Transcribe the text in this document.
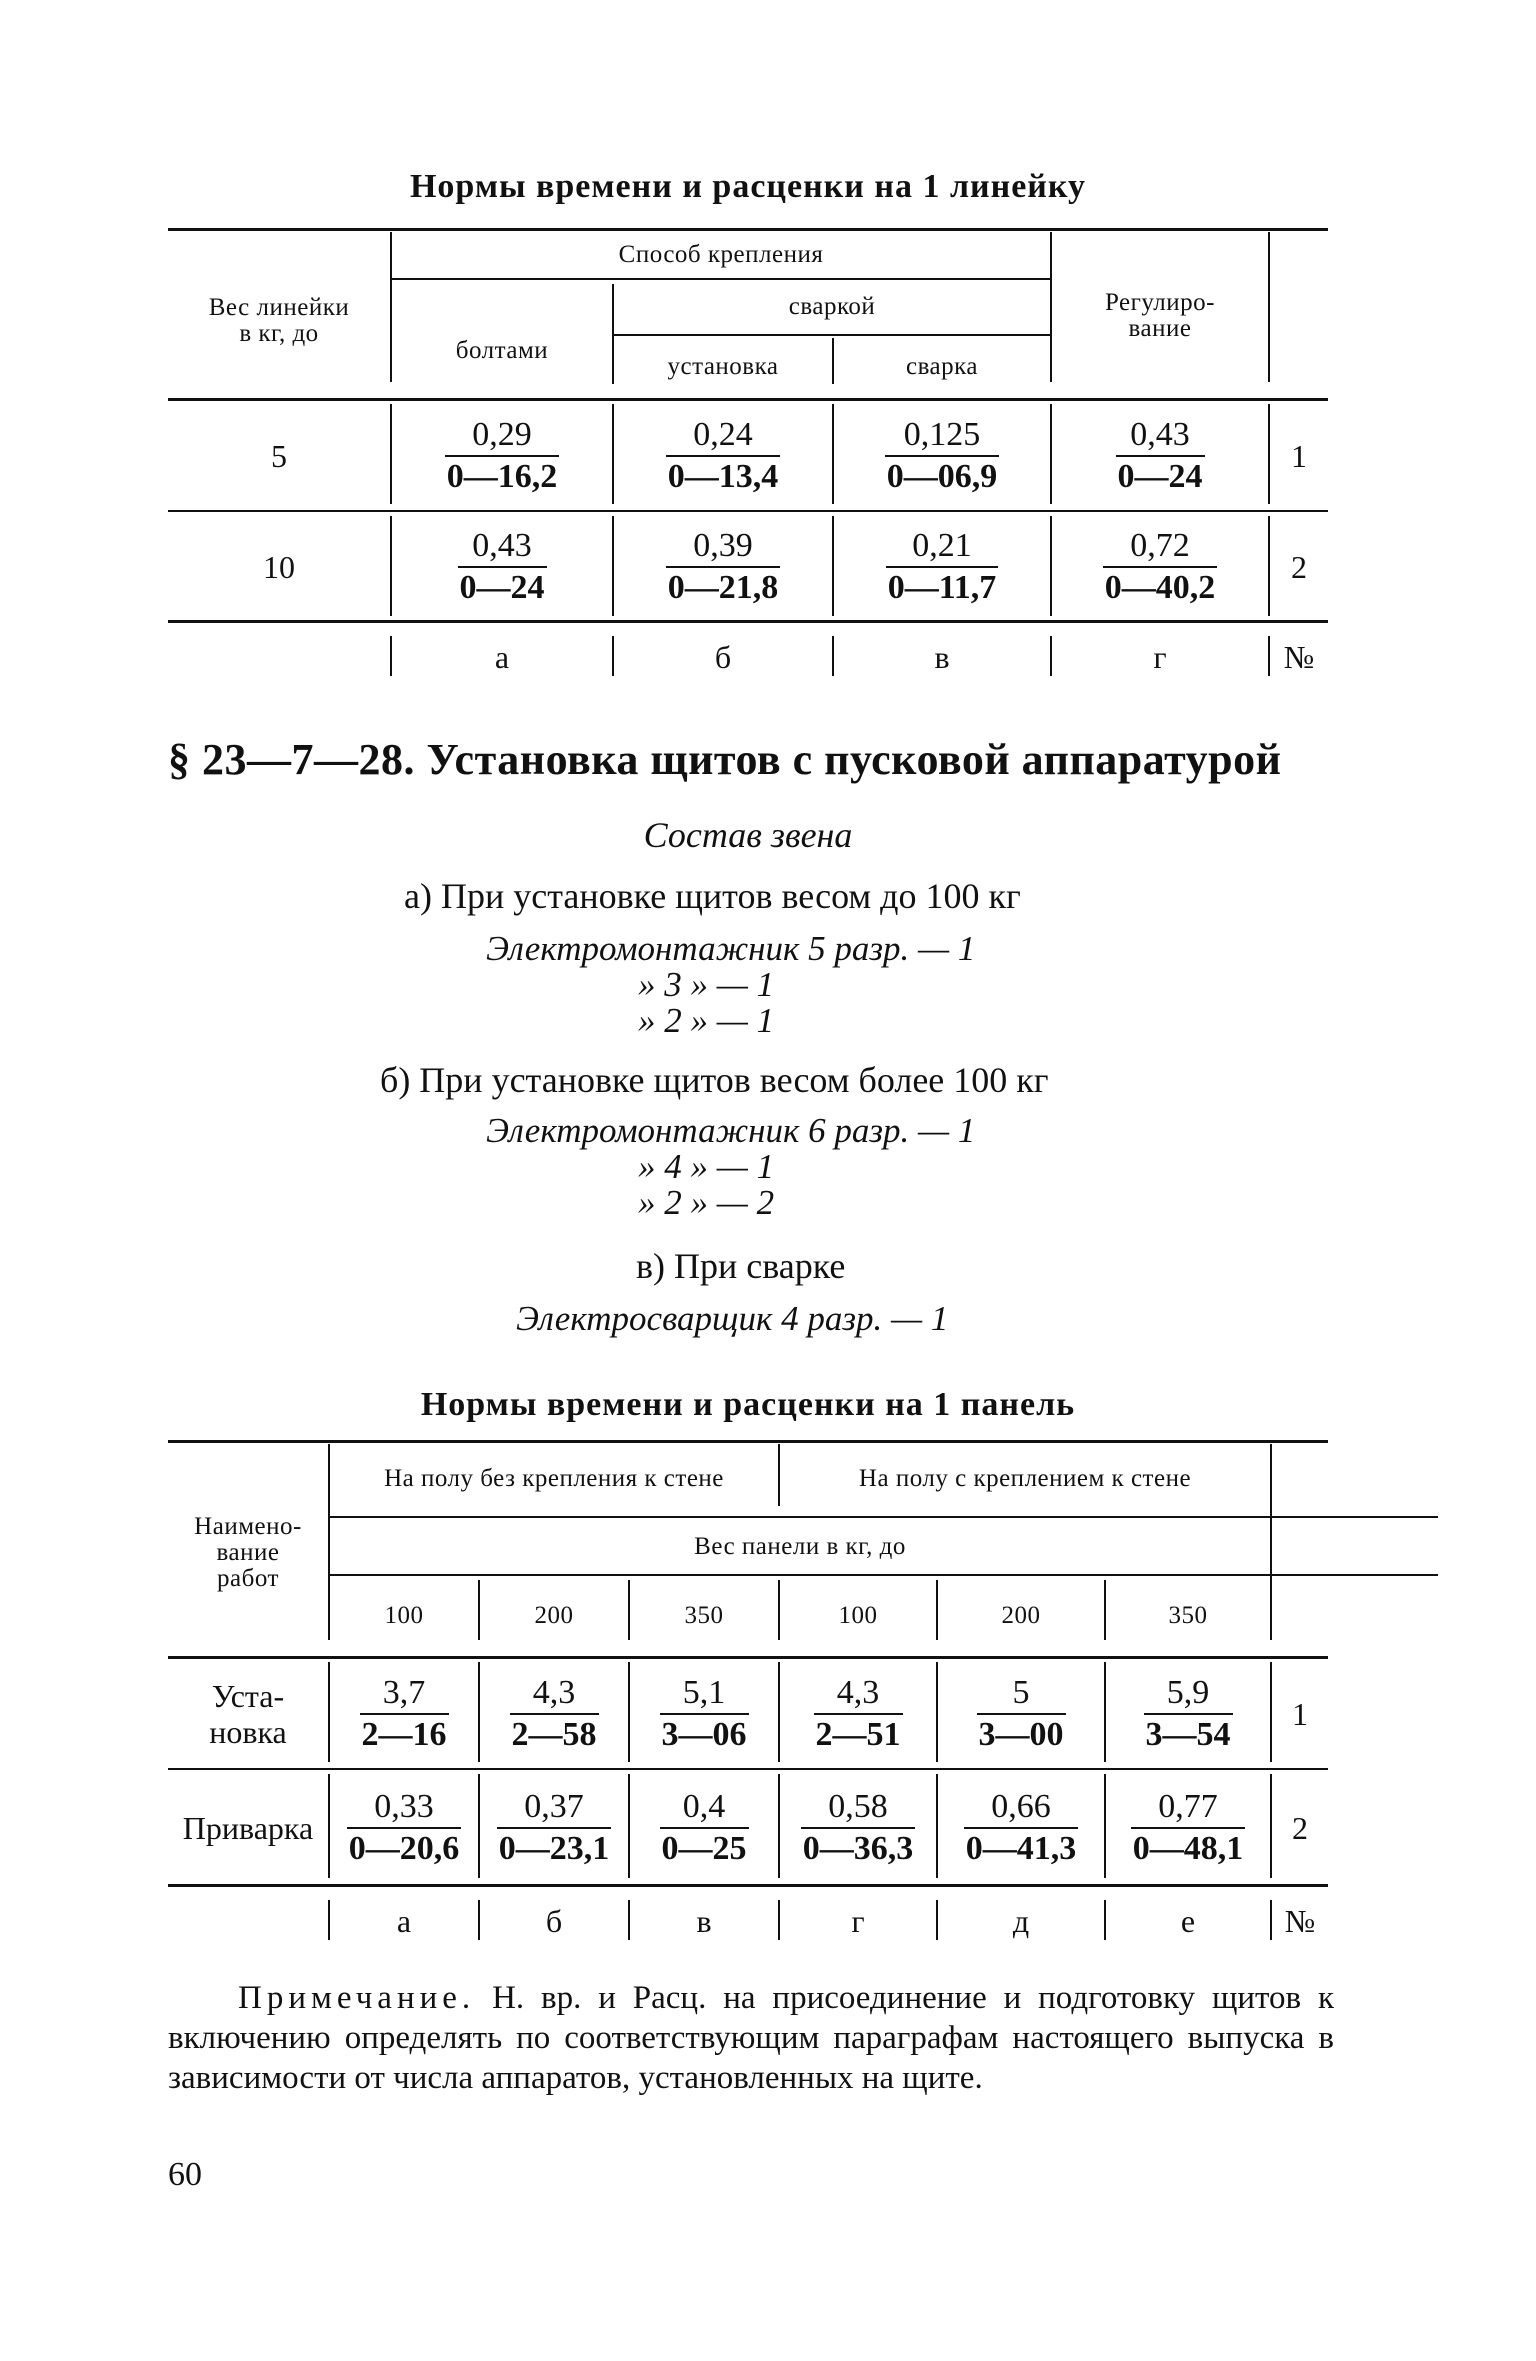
Нормы времени и расценки на 1 линейку
Вес линейки в кг, до
Способ крепления
болтами
сваркой
установка	сварка
Регулиро-вание
5	$\frac{0,29}{0—16,2}$	$\frac{0,24}{0—13,4}$	$\frac{0,125}{0—06,9}$	$\frac{0,43}{0—24}$	1
10	$\frac{0,43}{0—24}$	$\frac{0,39}{0—21,8}$	$\frac{0,21}{0—11,7}$	$\frac{0,72}{0—40,2}$	2
а	б	в	г	№
§ 23—7—28. Установка щитов с пусковой аппаратурой
Состав звена
а) При установке щитов весом до 100 кг
Электромонтажник 5 разр. — 1
» 3 » — 1
» 2 » — 1
б) При установке щитов весом более 100 кг
Электромонтажник 6 разр. — 1
» 4 » — 1
» 2 » — 2
в) При сварке
Электросварщик 4 разр. — 1
Нормы времени и расценки на 1 панель
Наимено-вание работ
На полу без крепления к стене	На полу с креплением к стене
Вес панели в кг, до
100	200	350	100	200	350
Уста-новка	$\frac{3,7}{2—16} \frac{4,3}{2—58} \frac{5,1}{3—06} \frac{4,3}{2—51} \frac{5}{3—00} \frac{5,9}{3—54}$	1
Приварка $\frac{0,33}{0—20,6} \frac{0,37}{0—23,1} \frac{0,4}{0—25} \frac{0,58}{0—36,3} \frac{0,66}{0—41,3} \frac{0,77}{0—48,1}$	2
а	б	в	г	д	е	№
Примечание. Н. вр. и Расц. на присоединение и подготовку щитов к включению определять по соответствующим параграфам настоящего выпуска в зависимости от числа аппаратов, установленных на щите.
60
